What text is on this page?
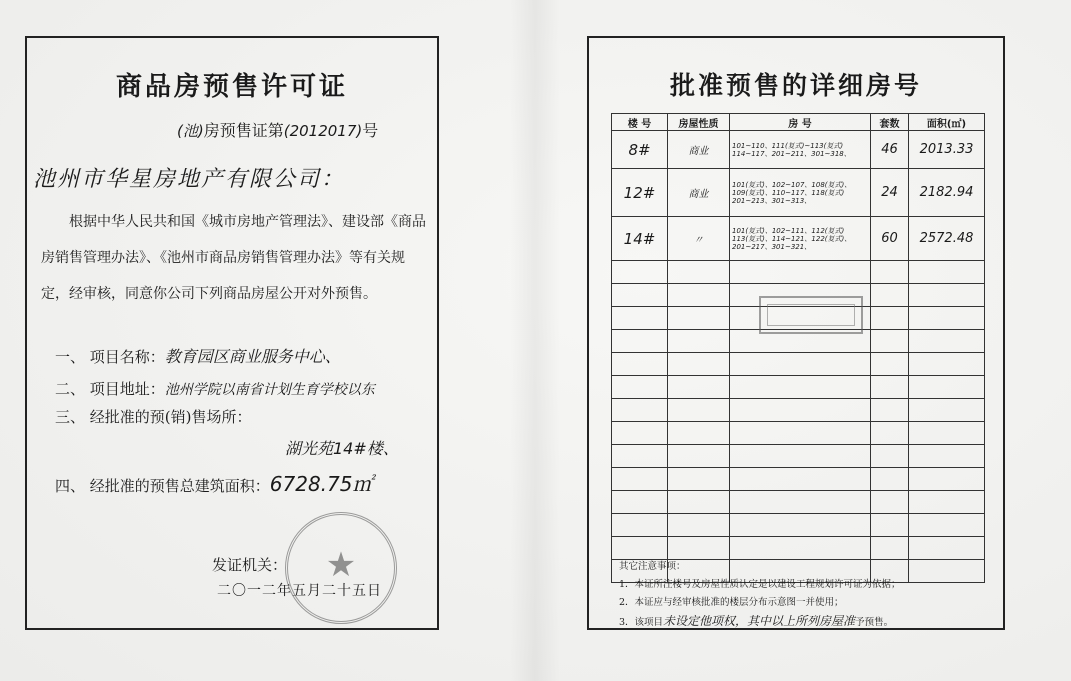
商品房预售许可证
(池)房预售证第(2012017)号
池州市华星房地产有限公司：

根据中华人民共和国《城市房地产管理法》、建设部《商品房销售管理办法》、《池州市商品房销售管理办法》等有关规定，经审核，同意你公司下列商品房屋公开对外预售。

一、 项目名称：教育园区商业服务中心、
二、 项目地址：池州学院以南省计划生育学校以东
三、 经批准的预(销)售场所：
湖光苑14#楼、
四、 经批准的预售总建筑面积：6728.75㎡
★
发证机关：
二〇一二年五月二十五日
批准预售的详细房号
楼 号	房屋性质	房 号	套数	面积(㎡)
8#	商业	101~110、111(复式)~113(复式) 114~117、201~211、301~318、	46	2013.33
12#	商业	101(复式)、102~107、108(复式)、109(复式)、110~117、118(复式) 201~213、301~313、	24	2182.94
14#	〃	101(复式)、102~111、112(复式) 113(复式)、114~121、122(复式)、201~217、301~321、	60	2572.48

其它注意事项：
1．本证所注楼号及房屋性质认定是以建设工程规划许可证为依据；
2．本证应与经审核批准的楼层分布示意图一并使用；
3．该项目未设定他项权，其中以上所列房屋准予预售。
